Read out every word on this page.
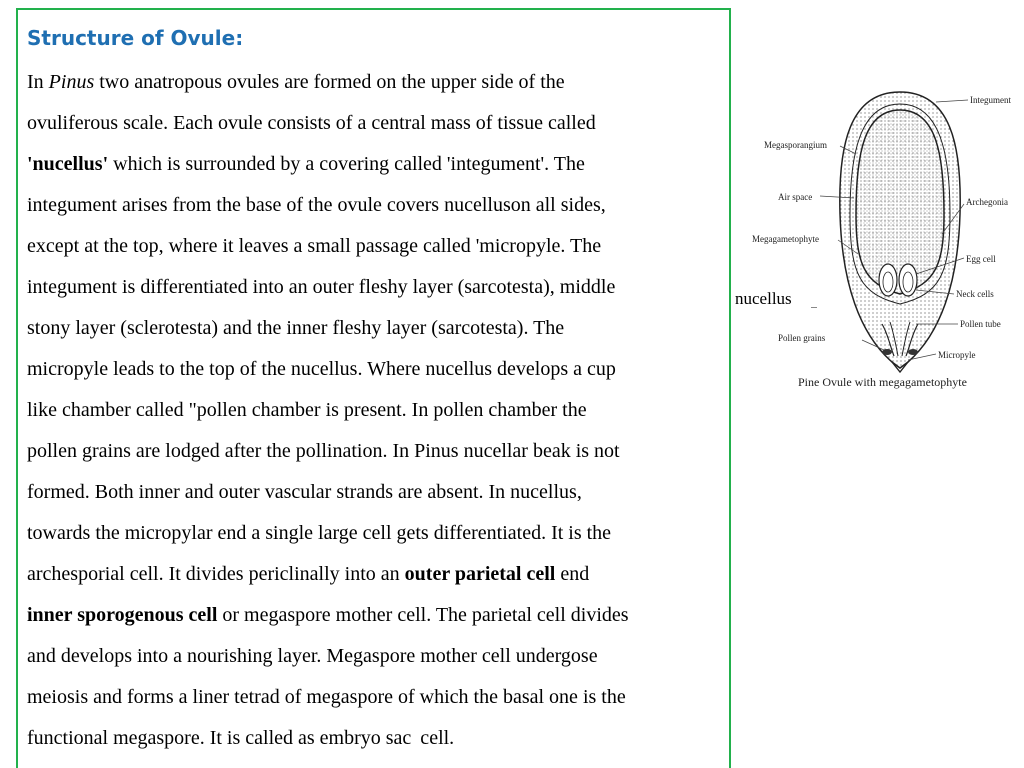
Structure of Ovule:

In Pinus two anatropous ovules are formed on the upper side of the
ovuliferous scale. Each ovule consists of a central mass of tissue called
'nucellus' which is surrounded by a covering called 'integument'. The
integument arises from the base of the ovule covers nucelluson all sides,
except at the top, where it leaves a small passage called 'micropyle. The
integument is differentiated into an outer fleshy layer (sarcotesta), middle
stony layer (sclerotesta) and the inner fleshy layer (sarcotesta). The
micropyle leads to the top of the nucellus. Where nucellus develops a cup
like chamber called "pollen chamber is present. In pollen chamber the
pollen grains are lodged after the pollination. In Pinus nucellar beak is not
formed. Both inner and outer vascular strands are absent. In nucellus,
towards the micropylar end a single large cell gets differentiated. It is the
archesporial cell. It divides periclinally into an outer parietal cell end
inner sporogenous cell or megaspore mother cell. The parietal cell divides
and develops into a nourishing layer. Megaspore mother cell undergose
meiosis and forms a liner tetrad of megaspore of which the basal one is the
functional megaspore. It is called as embryo sac  cell.

nucellus
Integument
Megasporangium
Air space	Archegonia
Megagametophyte
Egg cell
Neck cells
Pollen tube
Pollen grains
Micropyle
Pine Ovule with megagametophyte
